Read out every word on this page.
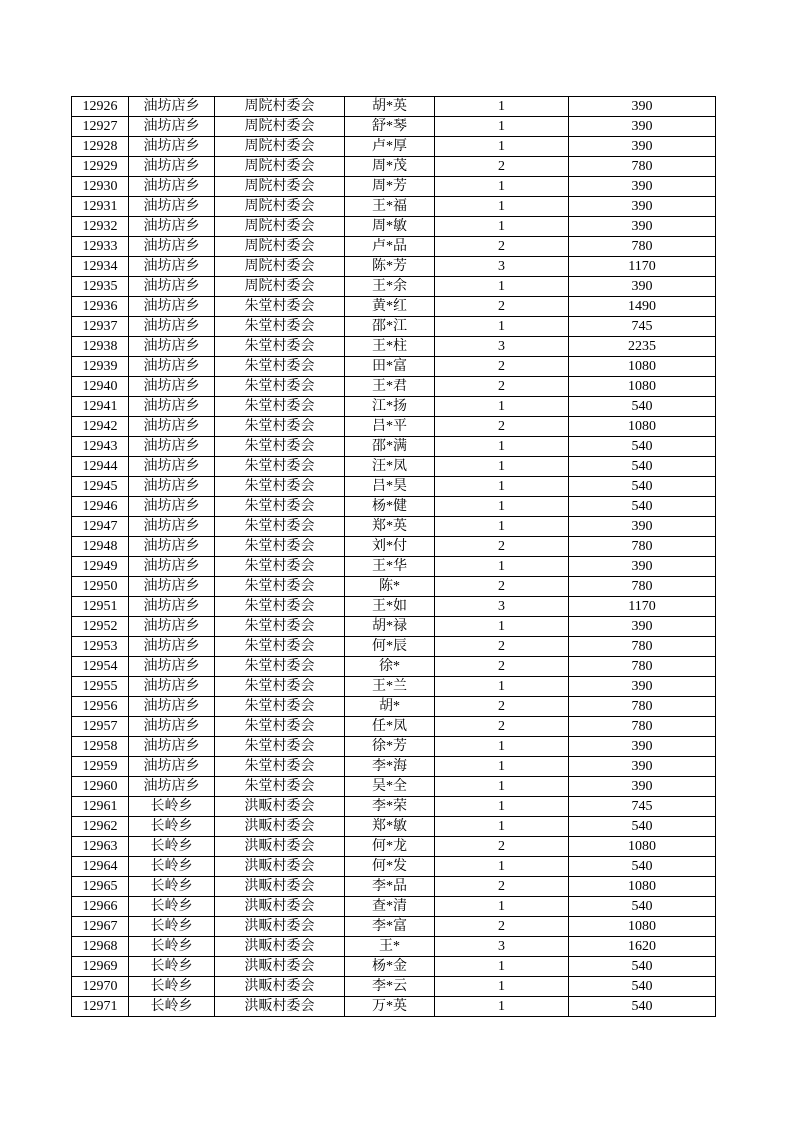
12926	油坊店乡	周院村委会	胡*英	1	390
12927	油坊店乡	周院村委会	舒*琴	1	390
12928	油坊店乡	周院村委会	卢*厚	1	390
12929	油坊店乡	周院村委会	周*茂	2	780
12930	油坊店乡	周院村委会	周*芳	1	390
12931	油坊店乡	周院村委会	王*福	1	390
12932	油坊店乡	周院村委会	周*敏	1	390
12933	油坊店乡	周院村委会	卢*品	2	780
12934	油坊店乡	周院村委会	陈*芳	3	1170
12935	油坊店乡	周院村委会	王*余	1	390
12936	油坊店乡	朱堂村委会	黄*红	2	1490
12937	油坊店乡	朱堂村委会	邵*江	1	745
12938	油坊店乡	朱堂村委会	王*柱	3	2235
12939	油坊店乡	朱堂村委会	田*富	2	1080
12940	油坊店乡	朱堂村委会	王*君	2	1080
12941	油坊店乡	朱堂村委会	江*扬	1	540
12942	油坊店乡	朱堂村委会	吕*平	2	1080
12943	油坊店乡	朱堂村委会	邵*满	1	540
12944	油坊店乡	朱堂村委会	汪*凤	1	540
12945	油坊店乡	朱堂村委会	吕*昊	1	540
12946	油坊店乡	朱堂村委会	杨*健	1	540
12947	油坊店乡	朱堂村委会	郑*英	1	390
12948	油坊店乡	朱堂村委会	刘*付	2	780
12949	油坊店乡	朱堂村委会	王*华	1	390
12950	油坊店乡	朱堂村委会	陈*	2	780
12951	油坊店乡	朱堂村委会	王*如	3	1170
12952	油坊店乡	朱堂村委会	胡*禄	1	390
12953	油坊店乡	朱堂村委会	何*辰	2	780
12954	油坊店乡	朱堂村委会	徐*	2	780
12955	油坊店乡	朱堂村委会	王*兰	1	390
12956	油坊店乡	朱堂村委会	胡*	2	780
12957	油坊店乡	朱堂村委会	任*凤	2	780
12958	油坊店乡	朱堂村委会	徐*芳	1	390
12959	油坊店乡	朱堂村委会	李*海	1	390
12960	油坊店乡	朱堂村委会	吴*全	1	390
12961	长岭乡	洪畈村委会	李*荣	1	745
12962	长岭乡	洪畈村委会	郑*敏	1	540
12963	长岭乡	洪畈村委会	何*龙	2	1080
12964	长岭乡	洪畈村委会	何*发	1	540
12965	长岭乡	洪畈村委会	李*品	2	1080
12966	长岭乡	洪畈村委会	查*清	1	540
12967	长岭乡	洪畈村委会	李*富	2	1080
12968	长岭乡	洪畈村委会	王*	3	1620
12969	长岭乡	洪畈村委会	杨*金	1	540
12970	长岭乡	洪畈村委会	李*云	1	540
12971	长岭乡	洪畈村委会	万*英	1	540
